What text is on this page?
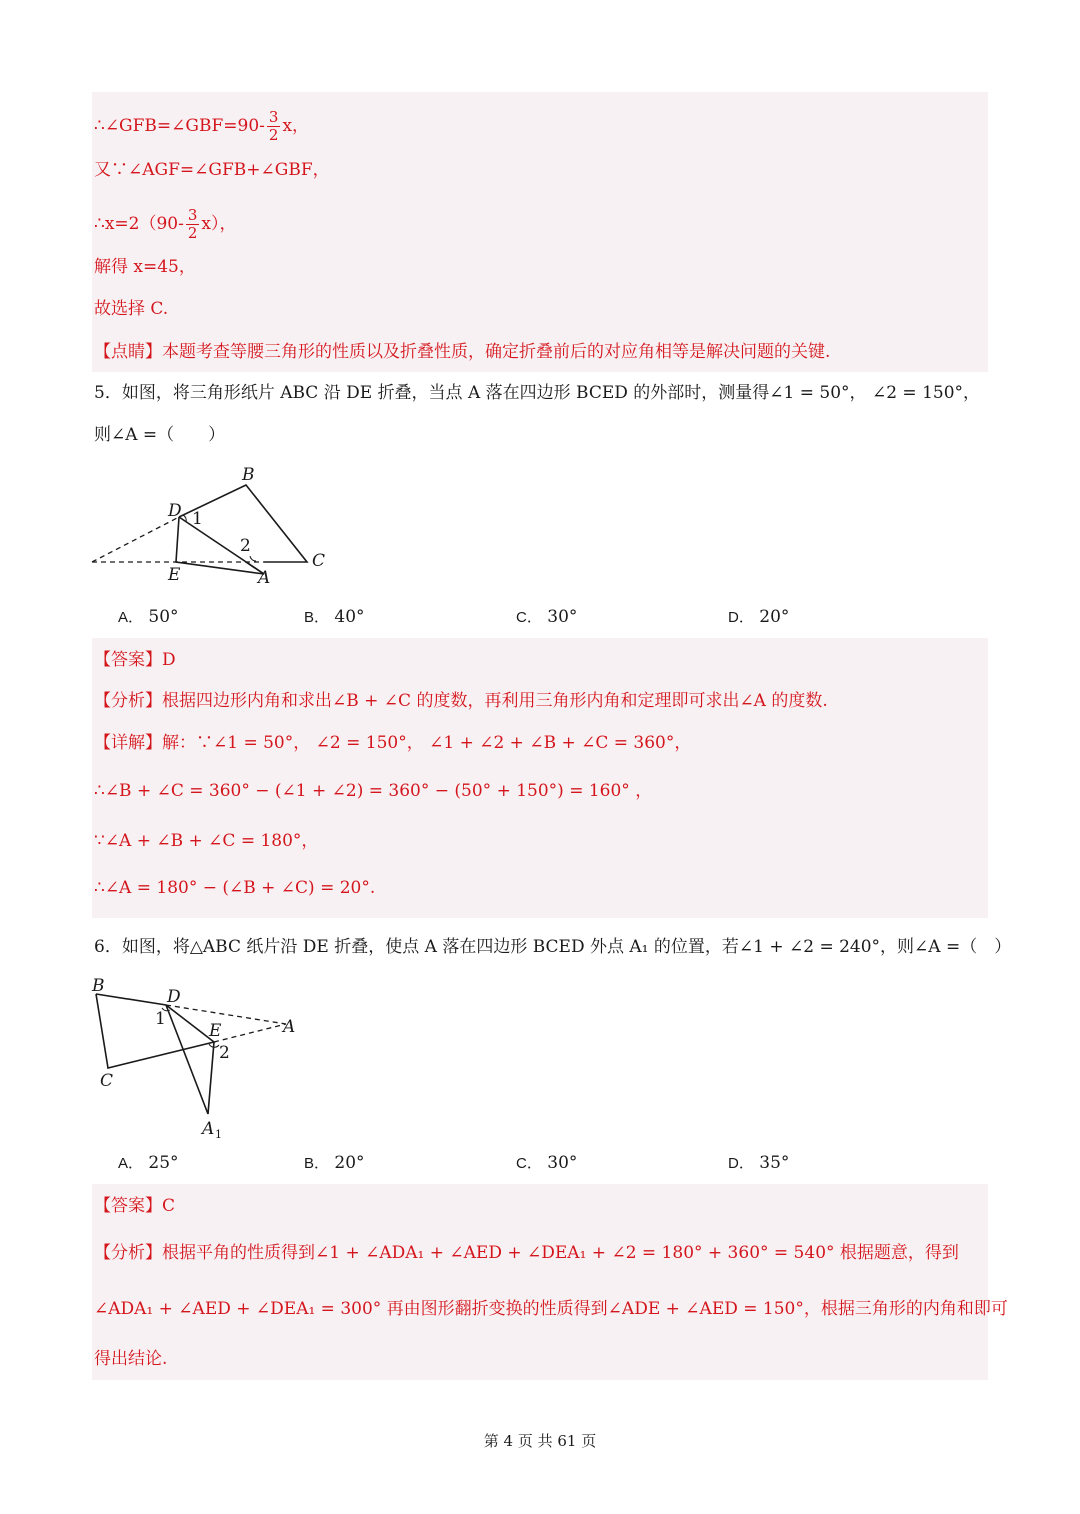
∴∠GFB=∠GBF=90- $\frac{3}{2}$ x，
又∵∠AGF=∠GFB+∠GBF，
∴x=2（90- $\frac{3}{2} x$），
解得 x=45，
故选择 C.
【点睛】本题考查等腰三角形的性质以及折叠性质，确定折叠前后的对应角相等是解决问题的关键.
5．如图，将三角形纸片 ABC 沿 DE 折叠，当点 A 落在四边形 BCED 的外部时，测量得∠1 = 50°， ∠2 = 150°，
则∠A =（　　）
B
D 1
2
C
E	A
A． 50°	B． 40°	C． 30°	D． 20°
【答案】D
【分析】根据四边形内角和求出∠B + ∠C 的度数，再利用三角形内角和定理即可求出∠A 的度数.
【详解】解：∵∠1 = 50°， ∠2 = 150°， ∠1 + ∠2 + ∠B + ∠C = 360°，
∴∠B + ∠C = 360° − (∠1 + ∠2) = 360° − (50° + 150°) = 160° ，
∵∠A + ∠B + ∠C = 180°，
∴∠A = 180° − (∠B + ∠C) = 20°.
6．如图，将△ABC 纸片沿 DE 折叠，使点 A 落在四边形 BCED 外点 A₁ 的位置，若∠1 + ∠2 = 240°，则∠A =（　）
B
D
1
E	A
2
C
A 1
A． 25°	B． 20°	C． 30°	D． 35°
【答案】C
【分析】根据平角的性质得到∠1 + ∠ADA₁ + ∠AED + ∠DEA₁ + ∠2 = 180° + 360° = 540° 根据题意，得到
∠ADA₁ + ∠AED + ∠DEA₁ = 300° 再由图形翻折变换的性质得到∠ADE + ∠AED = 150°，根据三角形的内角和即可
得出结论.
第 4 页 共 61 页
